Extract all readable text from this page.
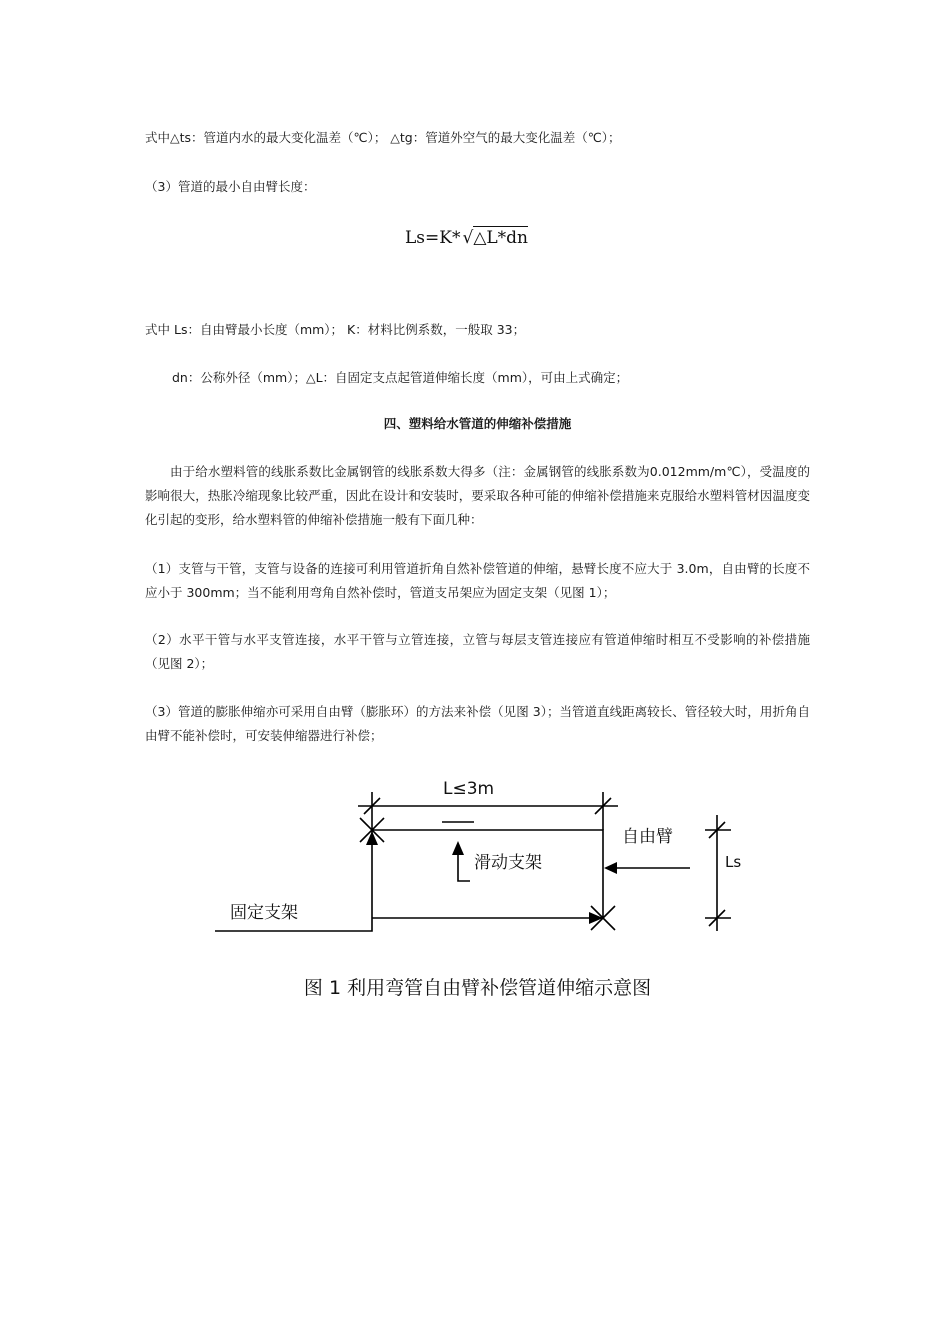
式中△ts：管道内水的最大变化温差（℃）； △tg：管道外空气的最大变化温差（℃）；

（3）管道的最小自由臂长度：

Ls=K* √△L*dn

式中 Ls：自由臂最小长度（mm）； K：材料比例系数，一般取 33；

dn：公称外径（mm）；△L：自固定支点起管道伸缩长度（mm），可由上式确定；

四、塑料给水管道的伸缩补偿措施

由于给水塑料管的线胀系数比金属钢管的线胀系数大得多（注：金属钢管的线胀系数为0.012mm/m℃），受温度的影响很大，热胀冷缩现象比较严重，因此在设计和安装时，要采取各种可能的伸缩补偿措施来克服给水塑料管材因温度变化引起的变形，给水塑料管的伸缩补偿措施一般有下面几种：

（1）支管与干管，支管与设备的连接可利用管道折角自然补偿管道的伸缩，悬臂长度不应大于 3.0m，自由臂的长度不应小于 300mm；当不能利用弯角自然补偿时，管道支吊架应为固定支架（见图 1）；

（2）水平干管与水平支管连接，水平干管与立管连接，立管与每层支管连接应有管道伸缩时相互不受影响的补偿措施（见图 2）；

（3）管道的膨胀伸缩亦可采用自由臂（膨胀环）的方法来补偿（见图 3）；当管道直线距离较长、管径较大时，用折角自由臂不能补偿时，可安装伸缩器进行补偿；

L≤3m
自由臂
Ls
滑动支架
固定支架
图 1 利用弯管自由臂补偿管道伸缩示意图
